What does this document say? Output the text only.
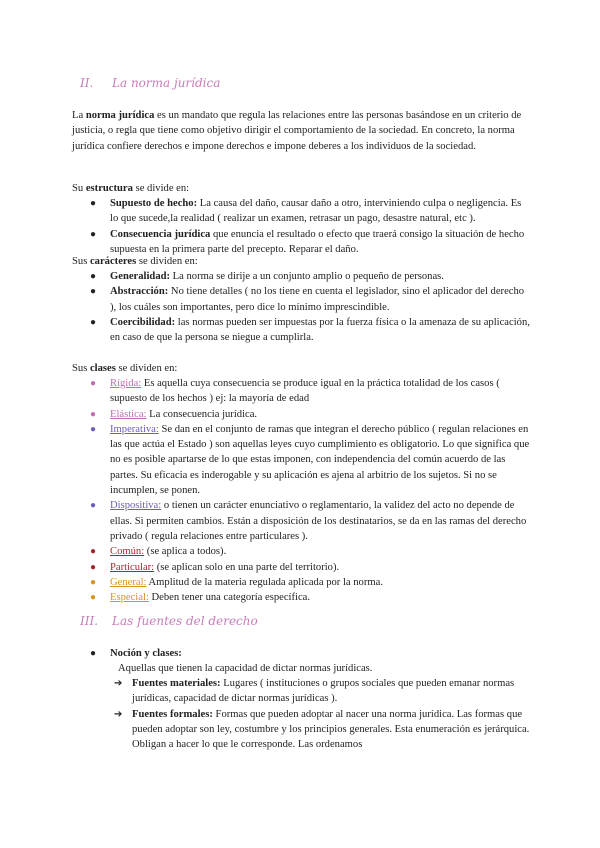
II. La norma jurídica
La norma jurídica es un mandato que regula las relaciones entre las personas basándose en un criterio de justicia, o regla que tiene como objetivo dirigir el comportamiento de la sociedad. En concreto, la norma jurídica confiere derechos e impone derechos e impone deberes a los individuos de la sociedad.
Su estructura se divide en:
● Supuesto de hecho: La causa del daño, causar daño a otro, interviniendo culpa o negligencia. Es lo que sucede,la realidad ( realizar un examen, retrasar un pago, desastre natural, etc ).
● Consecuencia jurídica que enuncia el resultado o efecto que traerá consigo la situación de hecho supuesta en la primera parte del precepto. Reparar el daño.
Sus carácteres se dividen en:
● Generalidad: La norma se dirije a un conjunto amplio o pequeño de personas.
● Abstracción: No tiene detalles ( no los tiene en cuenta el legislador, sino el aplicador del derecho ), los cuáles son importantes, pero dice lo mínimo imprescindible.
● Coercibilidad: las normas pueden ser impuestas por la fuerza física o la amenaza de su aplicación, en caso de que la persona se niegue a cumplirla.
Sus clases se dividen en:
● Rígida: Es aquella cuya consecuencia se produce igual en la práctica totalidad de los casos ( supuesto de los hechos ) ej: la mayoría de edad
● Elástica: La consecuencia jurídica.
● Imperativa: Se dan en el conjunto de ramas que integran el derecho público ( regulan relaciones en las que actúa el Estado ) son aquellas leyes cuyo cumplimiento es obligatorio. Lo que significa que no es posible apartarse de lo que estas imponen, con independencia del común acuerdo de las partes. Su eficacia es inderogable y su aplicación es ajena al arbitrio de los sujetos. Si no se incumplen, se ponen.
● Dispositiva: o tienen un carácter enunciativo o reglamentario, la validez del acto no depende de ellas. Si permiten cambios. Están a disposición de los destinatarios, se da en las ramas del derecho privado ( regula relaciones entre particulares ).
● Común: (se aplica a todos).
● Particular: (se aplican solo en una parte del territorio).
● General: Amplitud de la materia regulada aplicada por la norma.
● Especial: Deben tener una categoría específica.
III. Las fuentes del derecho
● Noción y clases:
Aquellas que tienen la capacidad de dictar normas jurídicas.
➔ Fuentes materiales: Lugares ( instituciones o grupos sociales que pueden emanar normas jurídicas, capacidad de dictar normas jurídicas ).
➔ Fuentes formales: Formas que pueden adoptar al nacer una norma jurídica. Las formas que pueden adoptar son ley, costumbre y los principios generales. Esta enumeración es jerárquica. Obligan a hacer lo que le corresponde. Las ordenamos
